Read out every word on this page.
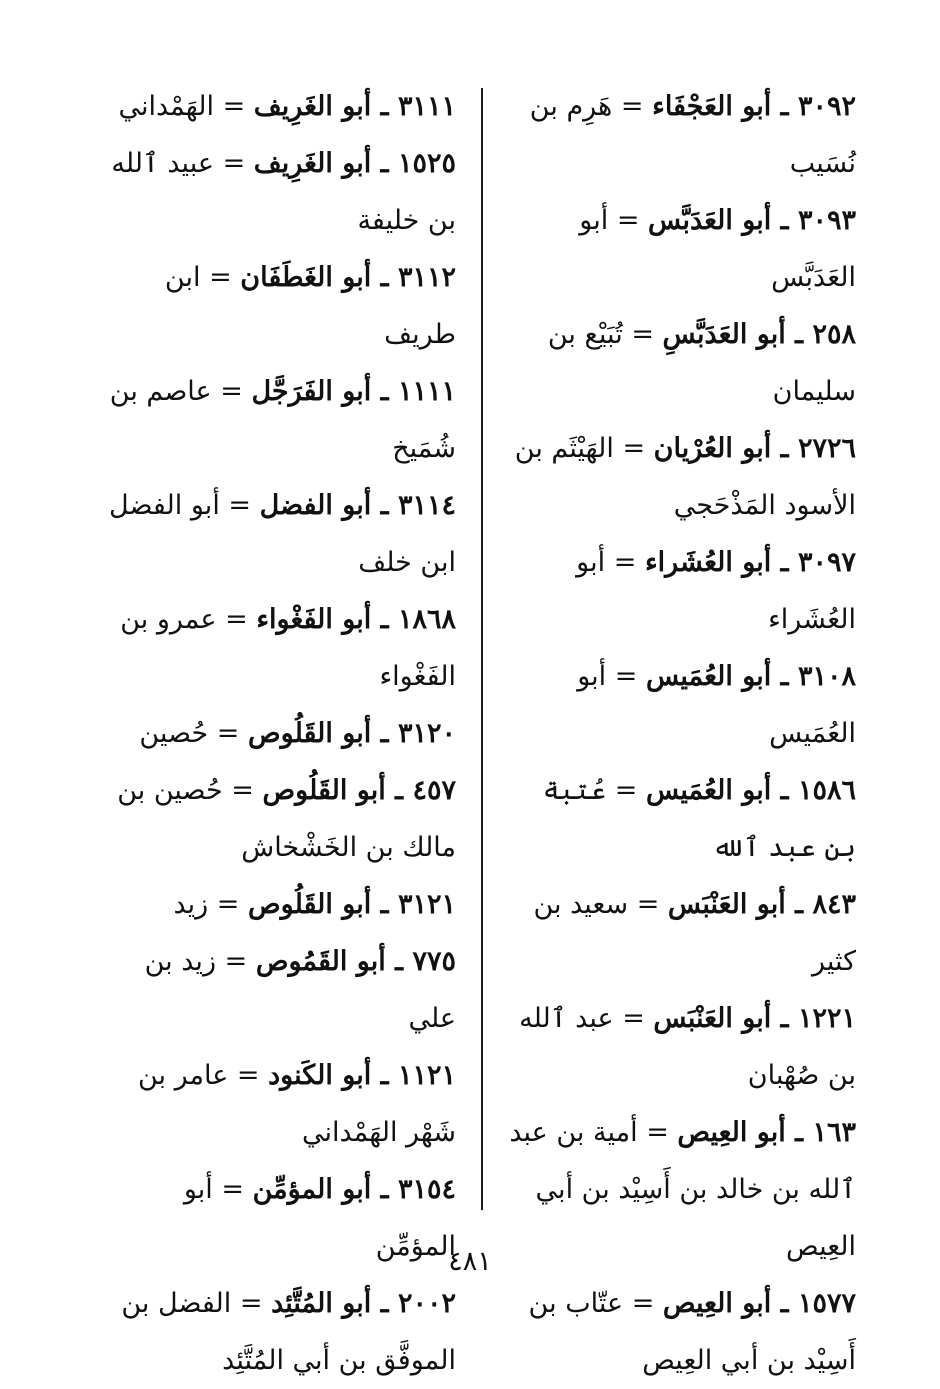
٣٠٩٢ ـ أبو العَجْفَاء = هَرِم بن نُسَيب

٣٠٩٣ ـ أبو العَدَبَّس = أبو العَدَبَّس

٢٥٨ ـ أبو العَدَبَّسِ = تُبَيْع بن سليمان

٢٧٢٦ ـ أبو العُرْيان = الهَيْثَم بن الأسود المَذْحَجي

٣٠٩٧ ـ أبو العُشَراء = أبو العُشَراء

٣١٠٨ ـ أبو العُمَيس = أبو العُمَيس

١٥٨٦ ـ أبو العُمَيس = عُتبة بن عبد ٱلله

٨٤٣ ـ أبو العَنْبَس = سعيد بن كثير

١٢٢١ ـ أبو العَنْبَس = عبد ٱلله بن صُهْبان

١٦٣ ـ أبو العِيص = أمية بن عبد ٱلله بن خالد بن أَسِيْد بن أبي العِيص

١٥٧٧ ـ أبو العِيص = عتّاب بن أَسِيْد بن أبي العِيص

٣١١١ ـ أبو الغَرِيف = الهَمْداني

١٥٢٥ ـ أبو الغَرِيف = عبيد ٱلله بن خليفة

٣١١٢ ـ أبو الغَطَفَان = ابن طريف

١١١١ ـ أبو الفَرَجَّل = عاصم بن شُمَيخ

٣١١٤ ـ أبو الفضل = أبو الفضل ابن خلف

١٨٦٨ ـ أبو الفَغْواء = عمرو بن الفَغْواء

٣١٢٠ ـ أبو القَلُوص = حُصين

٤٥٧ ـ أبو القَلُوص = حُصين بن مالك بن الخَشْخاش

٣١٢١ ـ أبو القَلُوص = زيد

٧٧٥ ـ أبو القَمُوص = زيد بن علي

١١٢١ ـ أبو الكَنود = عامر بن شَهْر الهَمْداني

٣١٥٤ ـ أبو المؤمِّن = أبو المؤمِّن

٢٠٠٢ ـ أبو المُتَّئِد = الفضل بن الموفَّق بن أبي المُتَّئِد

٤٨١
